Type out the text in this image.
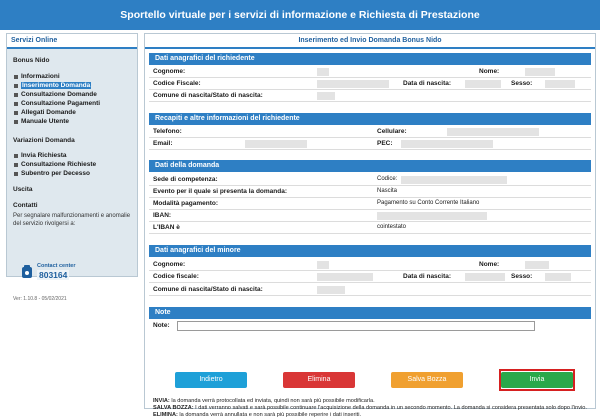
Sportello virtuale per i servizi di informazione e Richiesta di Prestazione
Servizi Online
Bonus Nido
Informazioni
Inserimento Domanda
Consultazione Domande
Consultazione Pagamenti
Allegati Domande
Manuale Utente
Variazioni Domanda
Invia Richiesta
Consultazione Richieste
Subentro per Decesso
Uscita
Contatti
Per segnalare malfunzionamenti e anomalie del servizio rivolgersi a:
Contact center
803164
Ver: 1.10.8 - 05/02/2021
Inserimento ed Invio Domanda Bonus Nido
Dati anagrafici del richiedente
Cognome:	Nome:
Codice Fiscale:	Data di nascita:	Sesso:
Comune di nascita/Stato di nascita:
Recapiti e altre informazioni del richiedente
Telefono:	Cellulare:
Email:	PEC:
Dati della domanda
Sede di competenza:	Codice:
Evento per il quale si presenta la domanda:	Nascita
Modalità pagamento:	Pagamento su Conto Corrente Italiano
IBAN:
L'IBAN è	cointestato
Dati anagrafici del minore
Cognome:	Nome:
Codice fiscale:	Data di nascita:	Sesso:
Comune di nascita/Stato di nascita:
Note
Note:
Indietro	Elimina	Salva Bozza	Invia
INVIA: la domanda verrà protocollata ed inviata, quindi non sarà più possibile modificarla.
SALVA BOZZA: I dati verranno salvati e sarà possibile continuare l'acquisizione della domanda in un secondo momento. La domanda si considera presentata solo dopo l'invio.
ELIMINA: la domanda verrà annullata e non sarà più possibile reperire i dati inseriti.
